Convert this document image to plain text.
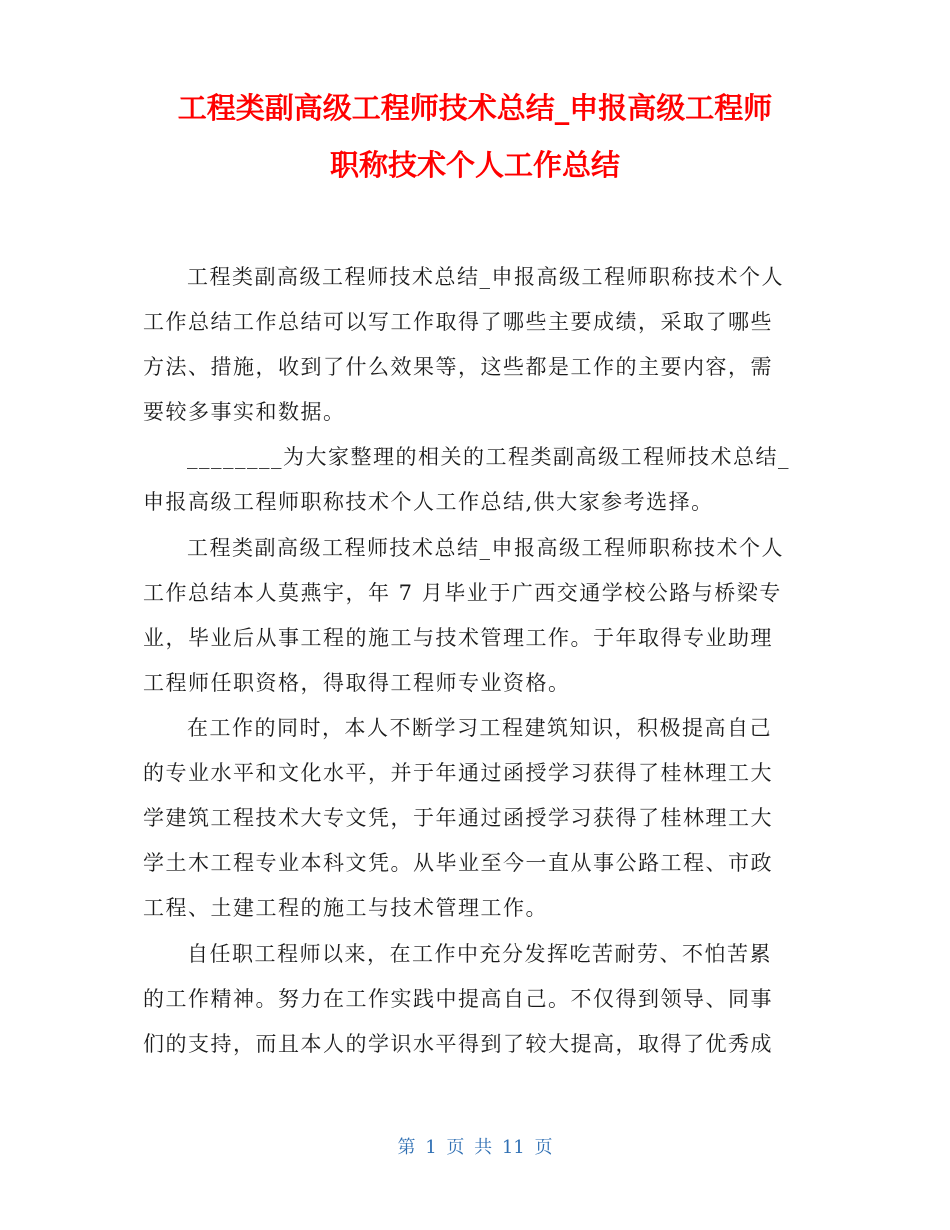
工程类副高级工程师技术总结_申报高级工程师
职称技术个人工作总结
工程类副高级工程师技术总结_申报高级工程师职称技术个人
工作总结工作总结可以写工作取得了哪些主要成绩，采取了哪些
方法、措施，收到了什么效果等，这些都是工作的主要内容，需
要较多事实和数据。
________为大家整理的相关的工程类副高级工程师技术总结_
申报高级工程师职称技术个人工作总结,供大家参考选择。
工程类副高级工程师技术总结_申报高级工程师职称技术个人
工作总结本人莫燕宇，年 7 月毕业于广西交通学校公路与桥梁专
业，毕业后从事工程的施工与技术管理工作。于年取得专业助理
工程师任职资格，得取得工程师专业资格。
在工作的同时，本人不断学习工程建筑知识，积极提高自己
的专业水平和文化水平，并于年通过函授学习获得了桂林理工大
学建筑工程技术大专文凭，于年通过函授学习获得了桂林理工大
学土木工程专业本科文凭。从毕业至今一直从事公路工程、市政
工程、土建工程的施工与技术管理工作。
自任职工程师以来，在工作中充分发挥吃苦耐劳、不怕苦累
的工作精神。努力在工作实践中提高自己。不仅得到领导、同事
们的支持，而且本人的学识水平得到了较大提高，取得了优秀成
第 1 页 共 11 页
